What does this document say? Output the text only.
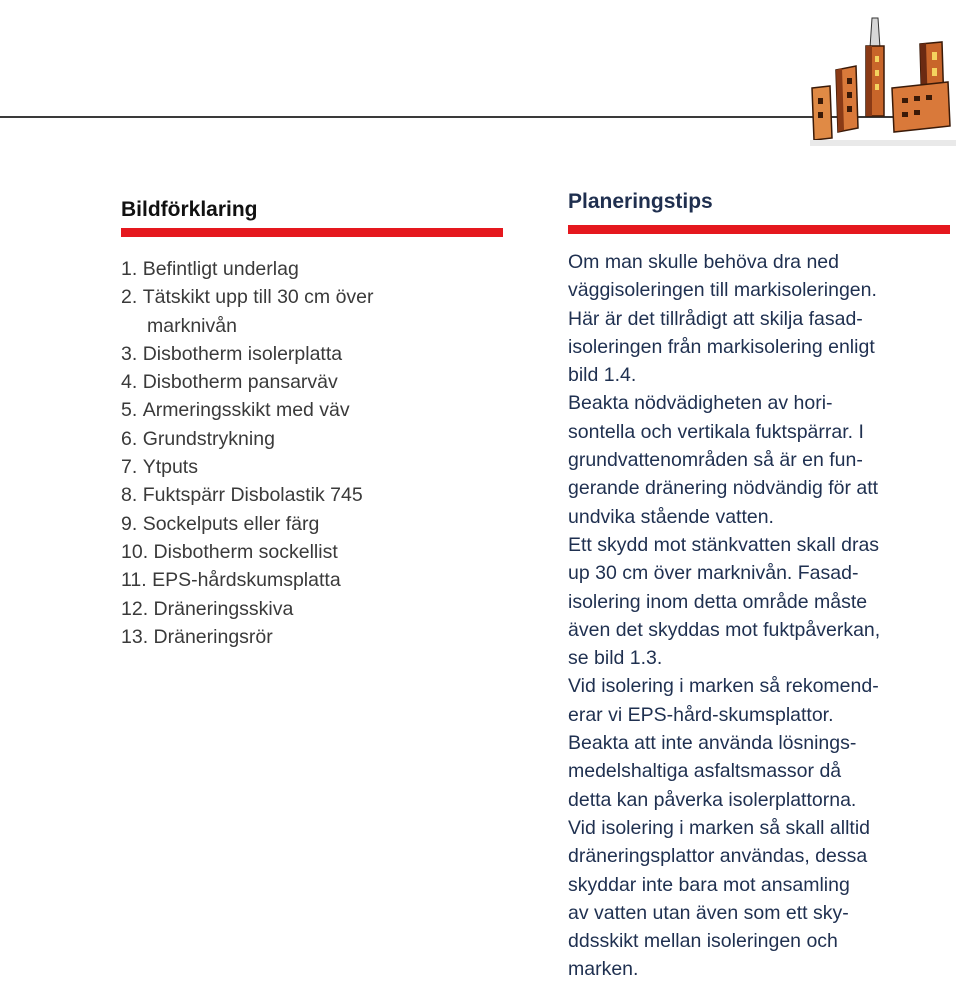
Bildförklaring
1. Befintligt underlag
2. Tätskikt upp till 30 cm över
marknivån
3. Disbotherm isolerplatta
4. Disbotherm pansarväv
5. Armeringsskikt med väv
6. Grundstrykning
7. Ytputs
8. Fuktspärr Disbolastik 745
9. Sockelputs eller färg
10. Disbotherm sockellist
11. EPS-hårdskumsplatta
12. Dräneringsskiva
13. Dräneringsrör
Planeringstips
Om man skulle behöva dra ned
väggisoleringen till markisoleringen.
Här är det tillrådigt att skilja fasad-
isoleringen från markisolering enligt
bild 1.4.
Beakta nödvädigheten av hori-
sontella och vertikala fuktspärrar. I
grundvattenområden så är en fun-
gerande dränering nödvändig för att
undvika stående vatten.
Ett skydd mot stänkvatten skall dras
up 30 cm över marknivån. Fasad-
isolering inom detta område måste
även det skyddas mot fuktpåverkan,
se bild 1.3.
Vid isolering i marken så rekomend-
erar vi EPS-hård-skumsplattor.
Beakta att inte använda lösnings-
medelshaltiga asfaltsmassor då
detta kan påverka isolerplattorna.
Vid isolering i marken så skall alltid
dräneringsplattor användas, dessa
skyddar inte bara mot ansamling
av vatten utan även som ett sky-
ddsskikt mellan isoleringen och
marken.
